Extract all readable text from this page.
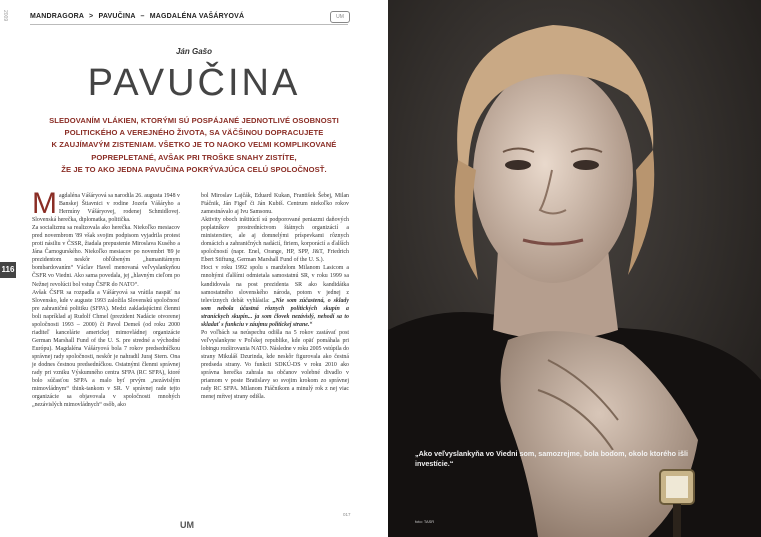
2009	MANDRAGORA > PAVUČINA – MAGDALÉNA VAŠÁRYOVÁ	UM
Ján Gašo
PAVUČINA
SLEDOVANÍM VLÁKIEN, KTORÝMI SÚ POSPÁJANÉ JEDNOTLIVÉ OSOBNOSTI
POLITICKÉHO A VEREJNÉHO ŽIVOTA, SA VÄČŠINOU DOPRACUJETE
K ZAUJÍMAVÝM ZISTENIAM. VŠETKO JE TO NAOKO VEĽMI KOMPLIKOVANÉ
POPREPLETANÉ, AVŠAK PRI TROŠKE SNAHY ZISTÍTE,
ŽE JE TO AKO JEDNA PAVUČINA POKRÝVAJÚCA CELÚ SPOLOČNOSŤ.
116
M agdaléna Vášáryová sa narodila 26. augusta 1948 v Banskej Štiavnici v rodine Jozefa Vášáryho a Hermíny Vášáryovej, rodenej Schmidlovej. Slovenská herečka, diplomatka, politička.

Za socializmu sa realizovala ako herečka. Niekoľko mesiacov pred novembrom '89 však svojim podpisom vyjadrila protest proti násiliu v ČSSR, žiadala prepustenie Miroslava Kusého a Jána Čarnogurského. Niekoľko mesiacov po novembri '89 je prezidentom neskôr obľúbeným „humanitárnym bombardovaním“ Václav Havel menovaná veľvyslankyňou ČSFR vo Viedni. Ako sama povedala, jej „hlavným cieľom po Nežnej revolúcii bol vstup ČSFR do NATO“.

Avšak ČSFR sa rozpadla a Vášáryová sa vrátila naspäť na Slovensko, kde v auguste 1993 založila Slovenskú spoločnosť pre zahraničnú politiku (SFPA). Medzi zakladajúcimi členmi boli napríklad aj Rudolf Chmel (prezident Nadácie otvorenej spoločnosti 1993 – 2000) či Pavol Demeš (od roku 2000 riaditeľ kancelárie americkej mimovládnej organizácie German Marshall Fund of the U. S. pre stredné a východné Európu). Magdaléna Vášáryová bola 7 rokov predsedníčkou správnej rady spoločnosti, neskôr je nahradil Juraj Stern. Ona je dodnes čestnou predsedníčkou. Ostatnými členmi správnej rady pri vzniku Výskumného centra SFPA (RC SFPA), ktoré bolo súčasťou SFPA a malo byť prvým „nezávislým mimovládnym“ think-tankom v SR. V správnej rade tejto organizácie sa objavovala v spoločnosti mnohých „nezávislých mimovládnych“ osôb, ako

bol Miroslav Lajčák, Eduard Kukan, František Šebej, Milan Ftáčnik, Ján Figeľ či Ján Kubiš. Centrum niekoľko rokov zamestnávalo aj Ivu Samsonu.

Aktivity oboch inštitúcií sú podporované peniazmi daňových poplatníkov prostredníctvom štátnych organizácií a ministerstiev, ale aj domnelými príspevkami rôznych domácich a zahraničných nadácií, firiem, korporácií a ďalších spoločností (napr. Enel, Orange, HP, SPP, J&T, Friedrich Ebert Stiftung, German Marshall Fund of the U. S.).

Hoci v roku 1992 spolu s manželom Milanom Lasicom a mnohými ďalšími odmietala samostatnú SR, v roku 1999 sa kandidovala na post prezidenta SR ako kandidátka samostatného slovenského národa, potom v jednej z televíznych debát vyhlásila: „Nie som zúčastená, o sklady som nebola účastná rôznych politických skupín a straníckych skupín... ja som človek nezávislý, nehodí sa to skladať s funkciu v záujmu politickej strane.“

Po voľbách sa neúspechu odišla na 5 rokov zastávať post veľvyslankyne v Poľskej republike, kde opäť pomáhala pri lobingu rozširovania NATO. Následne v roku 2005 vstúpila do strany Mikuláš Dzurinda, kde neskôr figurovala ako čestná predseda strany. Vo funkcii SDKÚ-DS v roku 2010 ako správna herečka zahrala na občanov volebné divadlo v priamom v poste Bratislavy so svojim krokom zo správnej rady RC SFPA. Milanom Ftáčnikom a minulý rok z nej viac menej mŕtvej strany odišla.

UM
017
„Ako veľvyslankyňa vo Viedni som, samozrejme, bola bodom, okolo ktorého išli investície.“
foto: TASR
